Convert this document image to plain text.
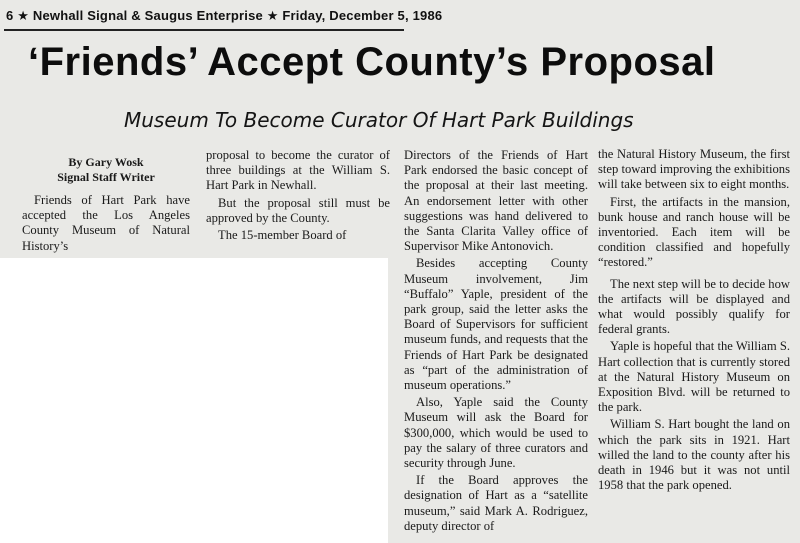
6 ★ Newhall Signal & Saugus Enterprise ★ Friday, December 5, 1986
‘Friends’ Accept County’s Proposal
Museum To Become Curator Of Hart Park Buildings

By Gary Wosk
Signal Staff Writer

Friends of Hart Park have accepted the Los Angeles County Museum of Natural History’s

proposal to become the curator of three buildings at the William S. Hart Park in Newhall.

But the proposal still must be approved by the County.

The 15-member Board of

Directors of the Friends of Hart Park endorsed the basic concept of the proposal at their last meeting. An endorsement letter with other suggestions was hand delivered to the Santa Clarita Valley office of Supervisor Mike Antonovich.

Besides accepting County Museum involvement, Jim “Buffalo” Yaple, president of the park group, said the letter asks the Board of Supervisors for sufficient museum funds, and requests that the Friends of Hart Park be designated as “part of the administration of museum operations.”

Also, Yaple said the County Museum will ask the Board for $300,000, which would be used to pay the salary of three curators and security through June.

If the Board approves the designation of Hart as a “satellite museum,” said Mark A. Rodriguez, deputy director of

the Natural History Museum, the first step toward improving the exhibitions will take between six to eight months.

First, the artifacts in the mansion, bunk house and ranch house will be inventoried. Each item will be condition classified and hopefully “restored.”

The next step will be to decide how the artifacts will be displayed and what would possibly qualify for federal grants.

Yaple is hopeful that the William S. Hart collection that is currently stored at the Natural History Museum on Exposition Blvd. will be returned to the park.

William S. Hart bought the land on which the park sits in 1921. Hart willed the land to the county after his death in 1946 but it was not until 1958 that the park opened.
